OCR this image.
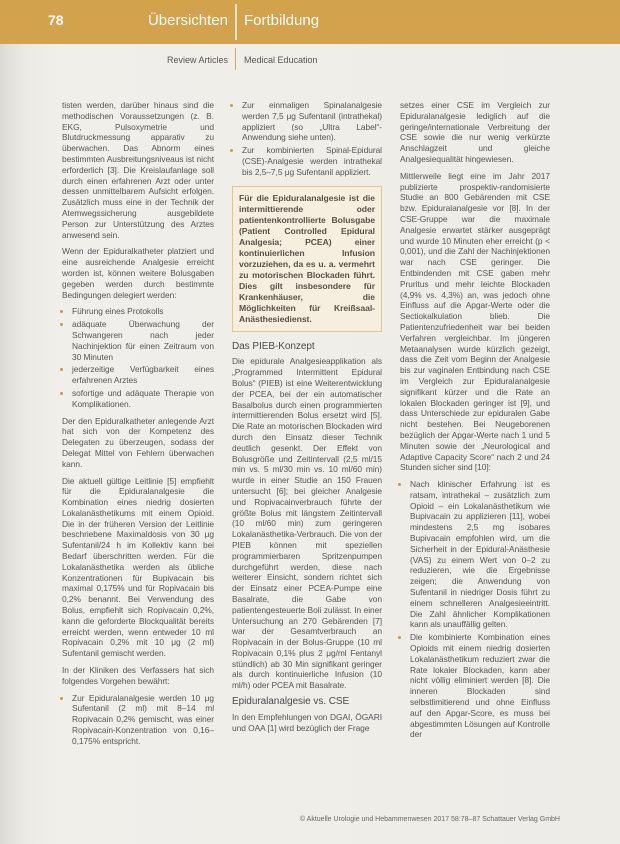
78	Übersichten Fortbildung
Review Articles Medical Education

tisten werden, darüber hinaus sind die methodischen Voraussetzungen (z. B. EKG, Pulsoxymetrie und Blutdruckmessung apparativ zu überwachen. Das Abnorm eines bestimmten Ausbreitungsniveaus ist nicht erforderlich [3]. Die Kreislaufanlage soll durch einen erfahrenen Arzt oder unter dessen unmittelbarem Aufsicht erfolgen. Zusätzlich muss eine in der Technik der Atemwegssicherung ausgebildete Person zur Unterstützung des Arztes anwesend sein.

Wenn der Epiduralkatheter platziert und eine ausreichende Analgesie erreicht worden ist, können weitere Bolusgaben gegeben werden durch bestimmte Bedingungen delegiert werden:

• Führung eines Protokolls
• adäquate Überwachung der Schwangeren nach jeder Nachinjektion für einen Zeitraum von 30 Minuten
• jederzeitige Verfügbarkeit eines erfahrenen Arztes
• sofortige und adäquate Therapie von Komplikationen.

Der den Epiduralkatheter anlegende Arzt hat sich von der Kompetenz des Delegaten zu überzeugen, sodass der Delegat Mittel von Fehlern überwachen kann.

Die aktuell gültige Leitlinie [5] empfiehlt für die Epiduralanalgesie die Kombination eines niedrig dosierten Lokalanästhetikums mit einem Opioid. Die in der früheren Version der Leitlinie beschriebene Maximaldosis von 30 μg Sufentanil/24 h im Kollektiv kann bei Bedarf überschritten werden. Für die Lokalanästhetika werden als übliche Konzentrationen für Bupivacain bis maximal 0,175% und für Ropivacain bis 0,2% benannt. Bei Verwendung des Bolus, empfiehlt sich Ropivacain 0,2%, kann die geforderte Blockqualität bereits erreicht werden, wenn entweder 10 ml Ropivacain 0,2% mit 10 μg (2 ml) Sufentanil gemischt werden.

In der Kliniken des Verfassers hat sich folgendes Vorgehen bewährt:

• Zur Epiduralanalgesie werden 10 μg Sufentanil (2 ml) mit 8–14 ml Ropivacain 0,2% gemischt, was einer Ropivacain-Konzentration von 0,16–0,175% entspricht.
• Zur einmaligen Spinalanalgesie werden 7,5 μg Sufentanil (intrathekal) appliziert (so „Ultra Label“-Anwendung siehe unten).
• Zur kombinierten Spinal-Epidural (CSE)-Analgesie werden intrathekal bis 2,5–7,5 μg Sufentanil appliziert.
Für die Epiduralanalgesie ist die intermittierende oder patientenkontrollierte Bolusgabe (Patient Controlled Epidural Analgesia; PCEA) einer kontinuierlichen Infusion vorzuziehen, da es u. a. vermehrt zu motorischen Blockaden führt. Dies gilt insbesondere für Krankenhäuser, die Möglichkeiten für Kreißsaal-Anästhesiedienst.
Das PIEB-Konzept

Die epidurale Analgesieapplikation als „Programmed Intermittent Epidural Bolus“ (PIEB) ist eine Weiterentwicklung der PCEA, bei der ein automatischer Basalbolus durch einen programmierten intermittierenden Bolus ersetzt wird [5]. Die Rate an motorischen Blockaden wird durch den Einsatz dieser Technik deutlich gesenkt. Der Effekt von Bolusgröße und Zeitintervall (2,5 ml/15 min vs. 5 ml/30 min vs. 10 ml/60 min) wurde in einer Studie an 150 Frauen untersucht [6]; bei gleicher Analgesie und Ropivacainverbrauch führte der größte Bolus mit längstem Zeitintervall (10 ml/60 min) zum geringeren Lokalanästhetika-Verbrauch. Die von der PIEB können mit speziellen programmierbaren Spritzenpumpen durchgeführt werden, diese nach weiterer Einsicht, sondern richtet sich der Einsatz einer PCEA-Pumpe eine Basalrate, die Gabe von patientengesteuerte Boli zulässt. In einer Untersuchung an 270 Gebärenden [7] war der Gesamtverbrauch an Ropivacain in der Bolus-Gruppe (10 ml Ropivacain 0,1% plus 2 μg/ml Fentanyl stündlich) ab 30 Min signifikant geringer als durch kontinuierliche Infusion (10 ml/h) oder PCEA mit Basalrate.

Epiduralanalgesie vs. CSE

In den Empfehlungen von DGAI, ÖGARI und OAA [1] wird bezüglich der Frage

setzes einer CSE im Vergleich zur Epiduralanalgesie lediglich auf die geringe/internationale Verbreitung der CSE sowie die nur wenig verkürzte Anschlagzeit und gleiche Analgesiequalität hingewiesen.

Mittlerweile liegt eine im Jahr 2017 publizierte prospektiv-randomisierte Studie an 800 Gebärenden mit CSE bzw. Epiduralanalgesie vor [8]. In der CSE-Gruppe war die maximale Analgesie erwartet stärker ausgeprägt und wurde 10 Minuten eher erreicht (p < 0,001), und die Zahl der Nachinjektionen war nach CSE geringer. Die Entbindenden mit CSE gaben mehr Pruritus und mehr leichte Blockaden (4,9% vs. 4,3%) an, was jedoch ohne Einfluss auf die Apgar-Werte oder die Sectiokalkulation blieb. Die Patientenzufriedenheit war bei beiden Verfahren vergleichbar. Im jüngeren Metaanalysen wurde kürzlich gezeigt, dass die Zeit vom Beginn der Analgesie bis zur vaginalen Entbindung nach CSE im Vergleich zur Epiduralanalgesie signifikant kürzer und die Rate an lokalen Blockaden geringer ist [9], und dass Unterschiede zur epiduralen Gabe nicht bestehen. Bei Neugeborenen bezüglich der Apgar-Werte nach 1 und 5 Minuten sowie der „Neurological and Adaptive Capacity Score“ nach 2 und 24 Stunden sicher sind [10]:

• Nach klinischer Erfahrung ist es ratsam, intrathekal – zusätzlich zum Opioid – ein Lokalanästhetikum wie Bupivacain zu applizieren [11], wobei mindestens 2,5 mg isobares Bupivacain empfohlen wird, um die Sicherheit in der Epidural-Anästhesie (VAS) zu einem Wert von 0–2 zu reduzieren, wie die Ergebnisse zeigen; die Anwendung von Sufentanil in niedriger Dosis führt zu einem schnelleren Analgesieeintritt. Die Zahl ähnlicher Komplikationen kann als unauffällig gelten.
• Die kombinierte Kombination eines Opioids mit einem niedrig dosierten Lokalanästhetikum reduziert zwar die Rate lokaler Blockaden, kann aber nicht völlig eliminiert werden [8]. Die inneren Blockaden sind selbstlimitierend und ohne Einfluss auf den Apgar-Score, es muss bei abgestimmten Lösungen auf Kontrolle der
© Aktuelle Urologie und Hebammenwesen 2017 58:78–87 Schattauer Verlag GmbH
